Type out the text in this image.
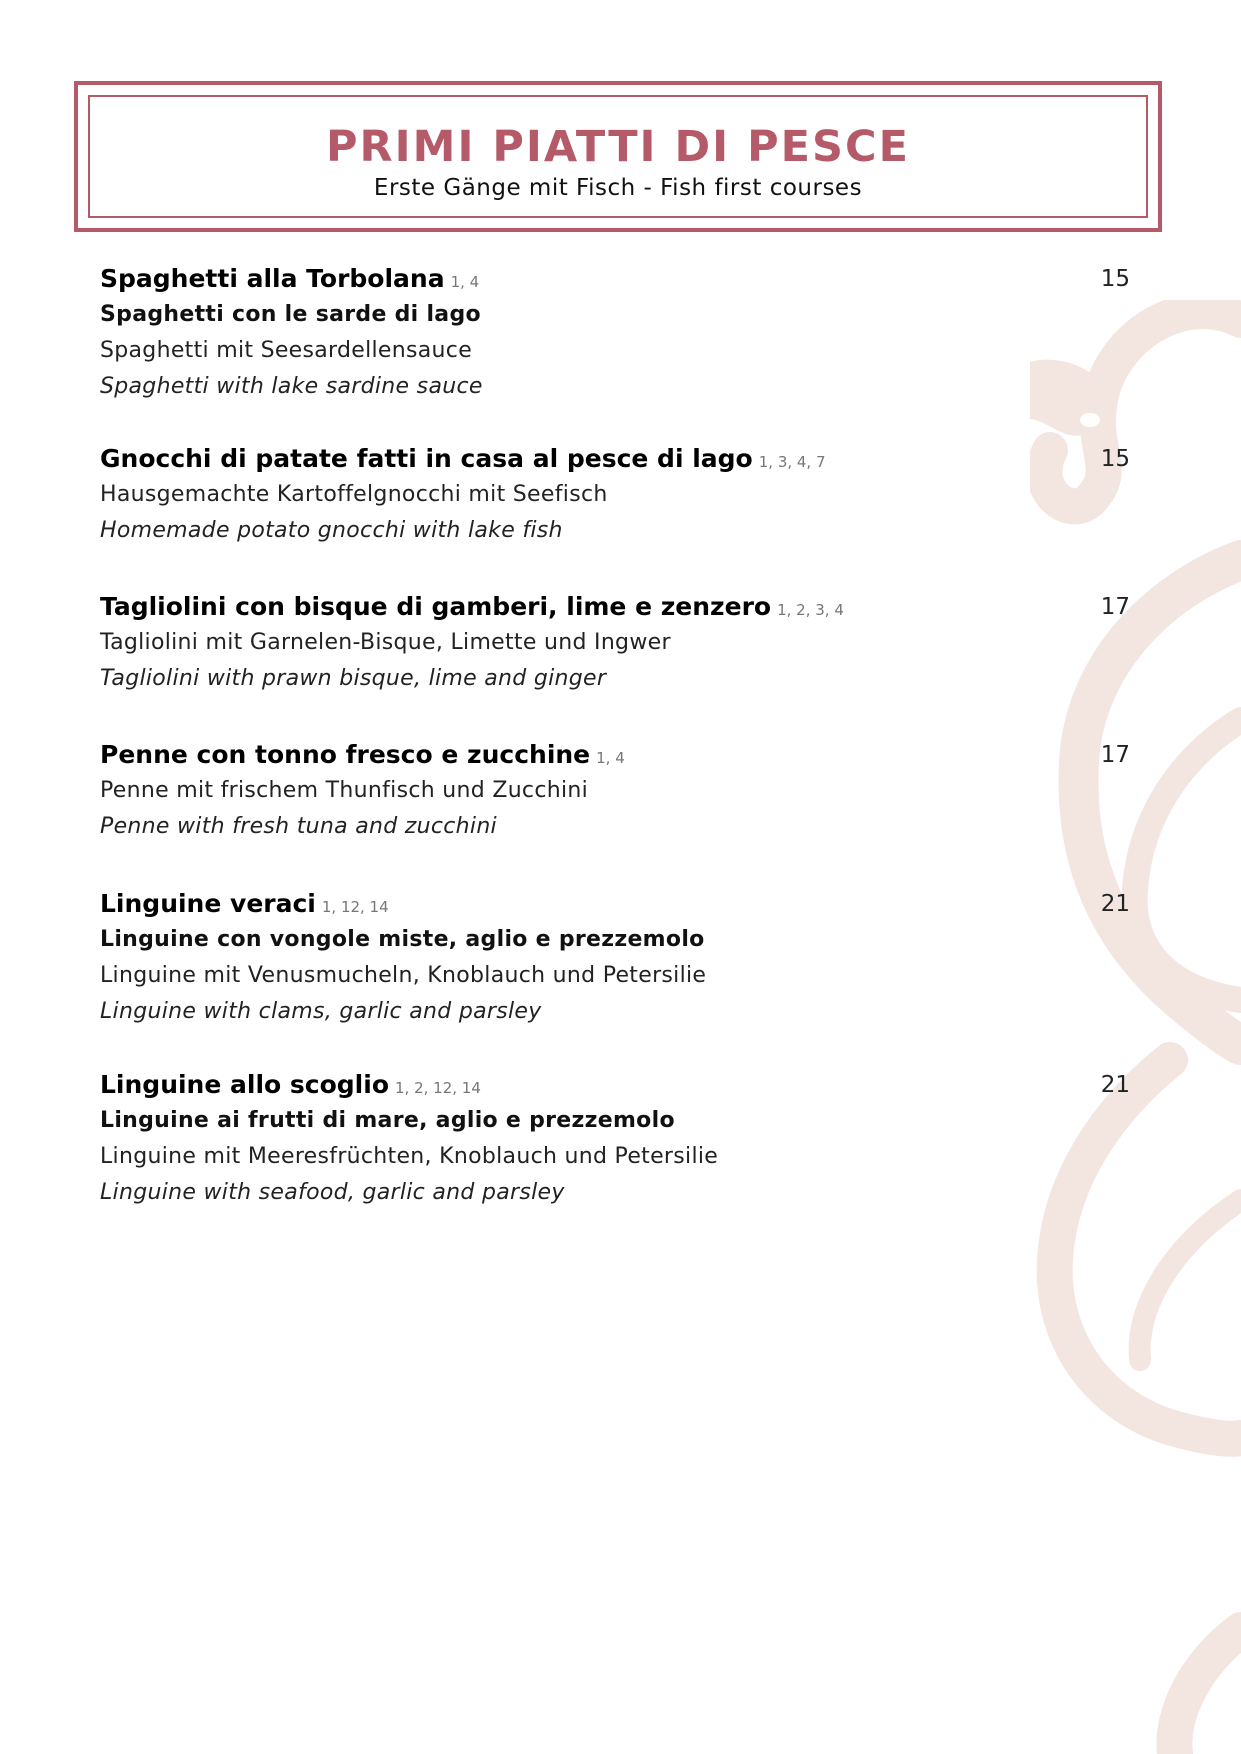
PRIMI PIATTI DI PESCE
Erste Gänge mit Fisch - Fish first courses
Spaghetti alla Torbolana 1, 4	15
Spaghetti con le sarde di lago
Spaghetti mit Seesardellensauce
Spaghetti with lake sardine sauce
Gnocchi di patate fatti in casa al pesce di lago 1, 3, 4, 7	15
Hausgemachte Kartoffelgnocchi mit Seefisch
Homemade potato gnocchi with lake fish
Tagliolini con bisque di gamberi, lime e zenzero 1, 2, 3, 4	17
Tagliolini mit Garnelen-Bisque, Limette und Ingwer
Tagliolini with prawn bisque, lime and ginger
Penne con tonno fresco e zucchine 1, 4	17
Penne mit frischem Thunfisch und Zucchini
Penne with fresh tuna and zucchini
Linguine veraci 1, 12, 14	21
Linguine con vongole miste, aglio e prezzemolo
Linguine mit Venusmucheln, Knoblauch und Petersilie
Linguine with clams, garlic and parsley
Linguine allo scoglio 1, 2, 12, 14	21
Linguine ai frutti di mare, aglio e prezzemolo
Linguine mit Meeresfrüchten, Knoblauch und Petersilie
Linguine with seafood, garlic and parsley
